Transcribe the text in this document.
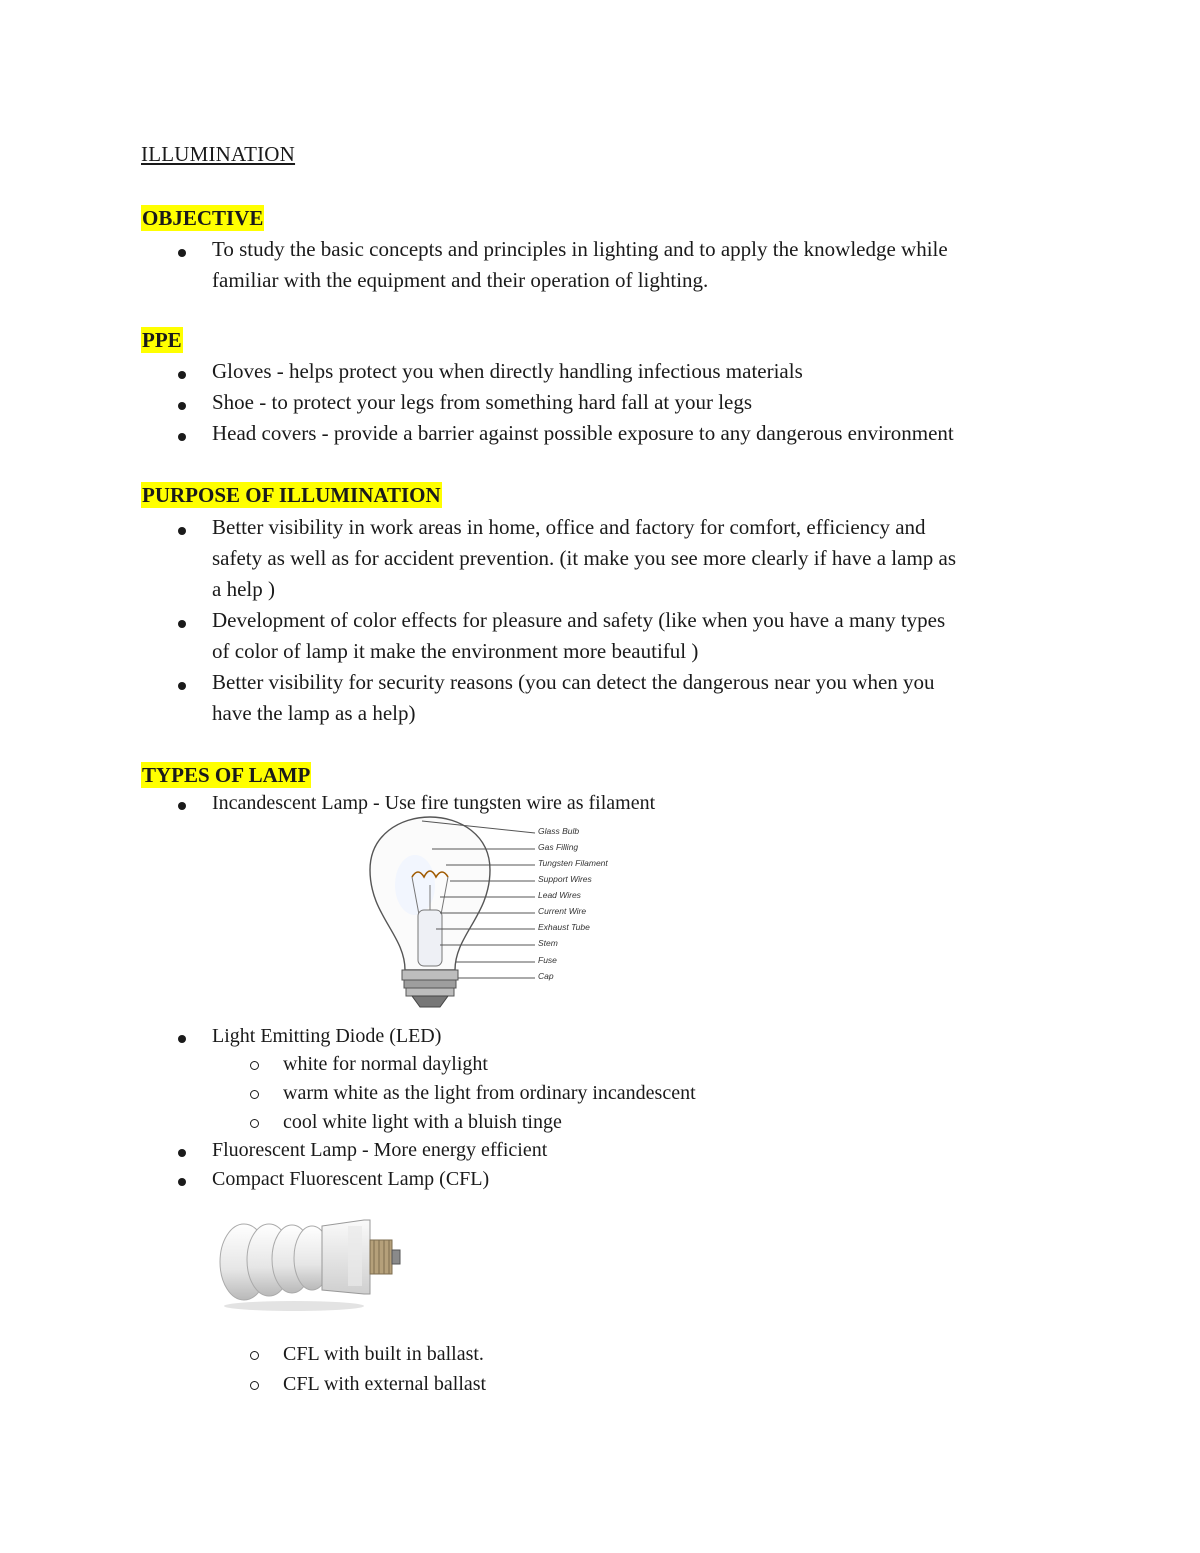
ILLUMINATION
OBJECTIVE
To study the basic concepts and principles in lighting and to apply the knowledge while
familiar with the equipment and their operation of lighting.
PPE
Gloves - helps protect you when directly handling infectious materials
Shoe - to protect your legs from something hard fall at your legs
Head covers - provide a barrier against possible exposure to any dangerous environment
PURPOSE OF ILLUMINATION
Better visibility in work areas in home, office and factory for comfort, efficiency and
safety as well as for accident prevention. (it make you see more clearly if have a lamp as
a help )
Development of color effects for pleasure and safety (like when you have a many types
of color of lamp it make the environment more beautiful )
Better visibility for security reasons (you can detect the dangerous near you when you
have the lamp as a help)
TYPES OF LAMP
Incandescent Lamp - Use fire tungsten wire as filament
Glass Bulb
Gas Filling
Tungsten Filament
Support Wires
Lead Wires
Current Wire
Exhaust Tube
Stem
Fuse
Cap
Light Emitting Diode (LED)
white for normal daylight
warm white as the light from ordinary incandescent
cool white light with a bluish tinge
Fluorescent Lamp - More energy efficient
Compact Fluorescent Lamp (CFL)
CFL with built in ballast.
CFL with external ballast
